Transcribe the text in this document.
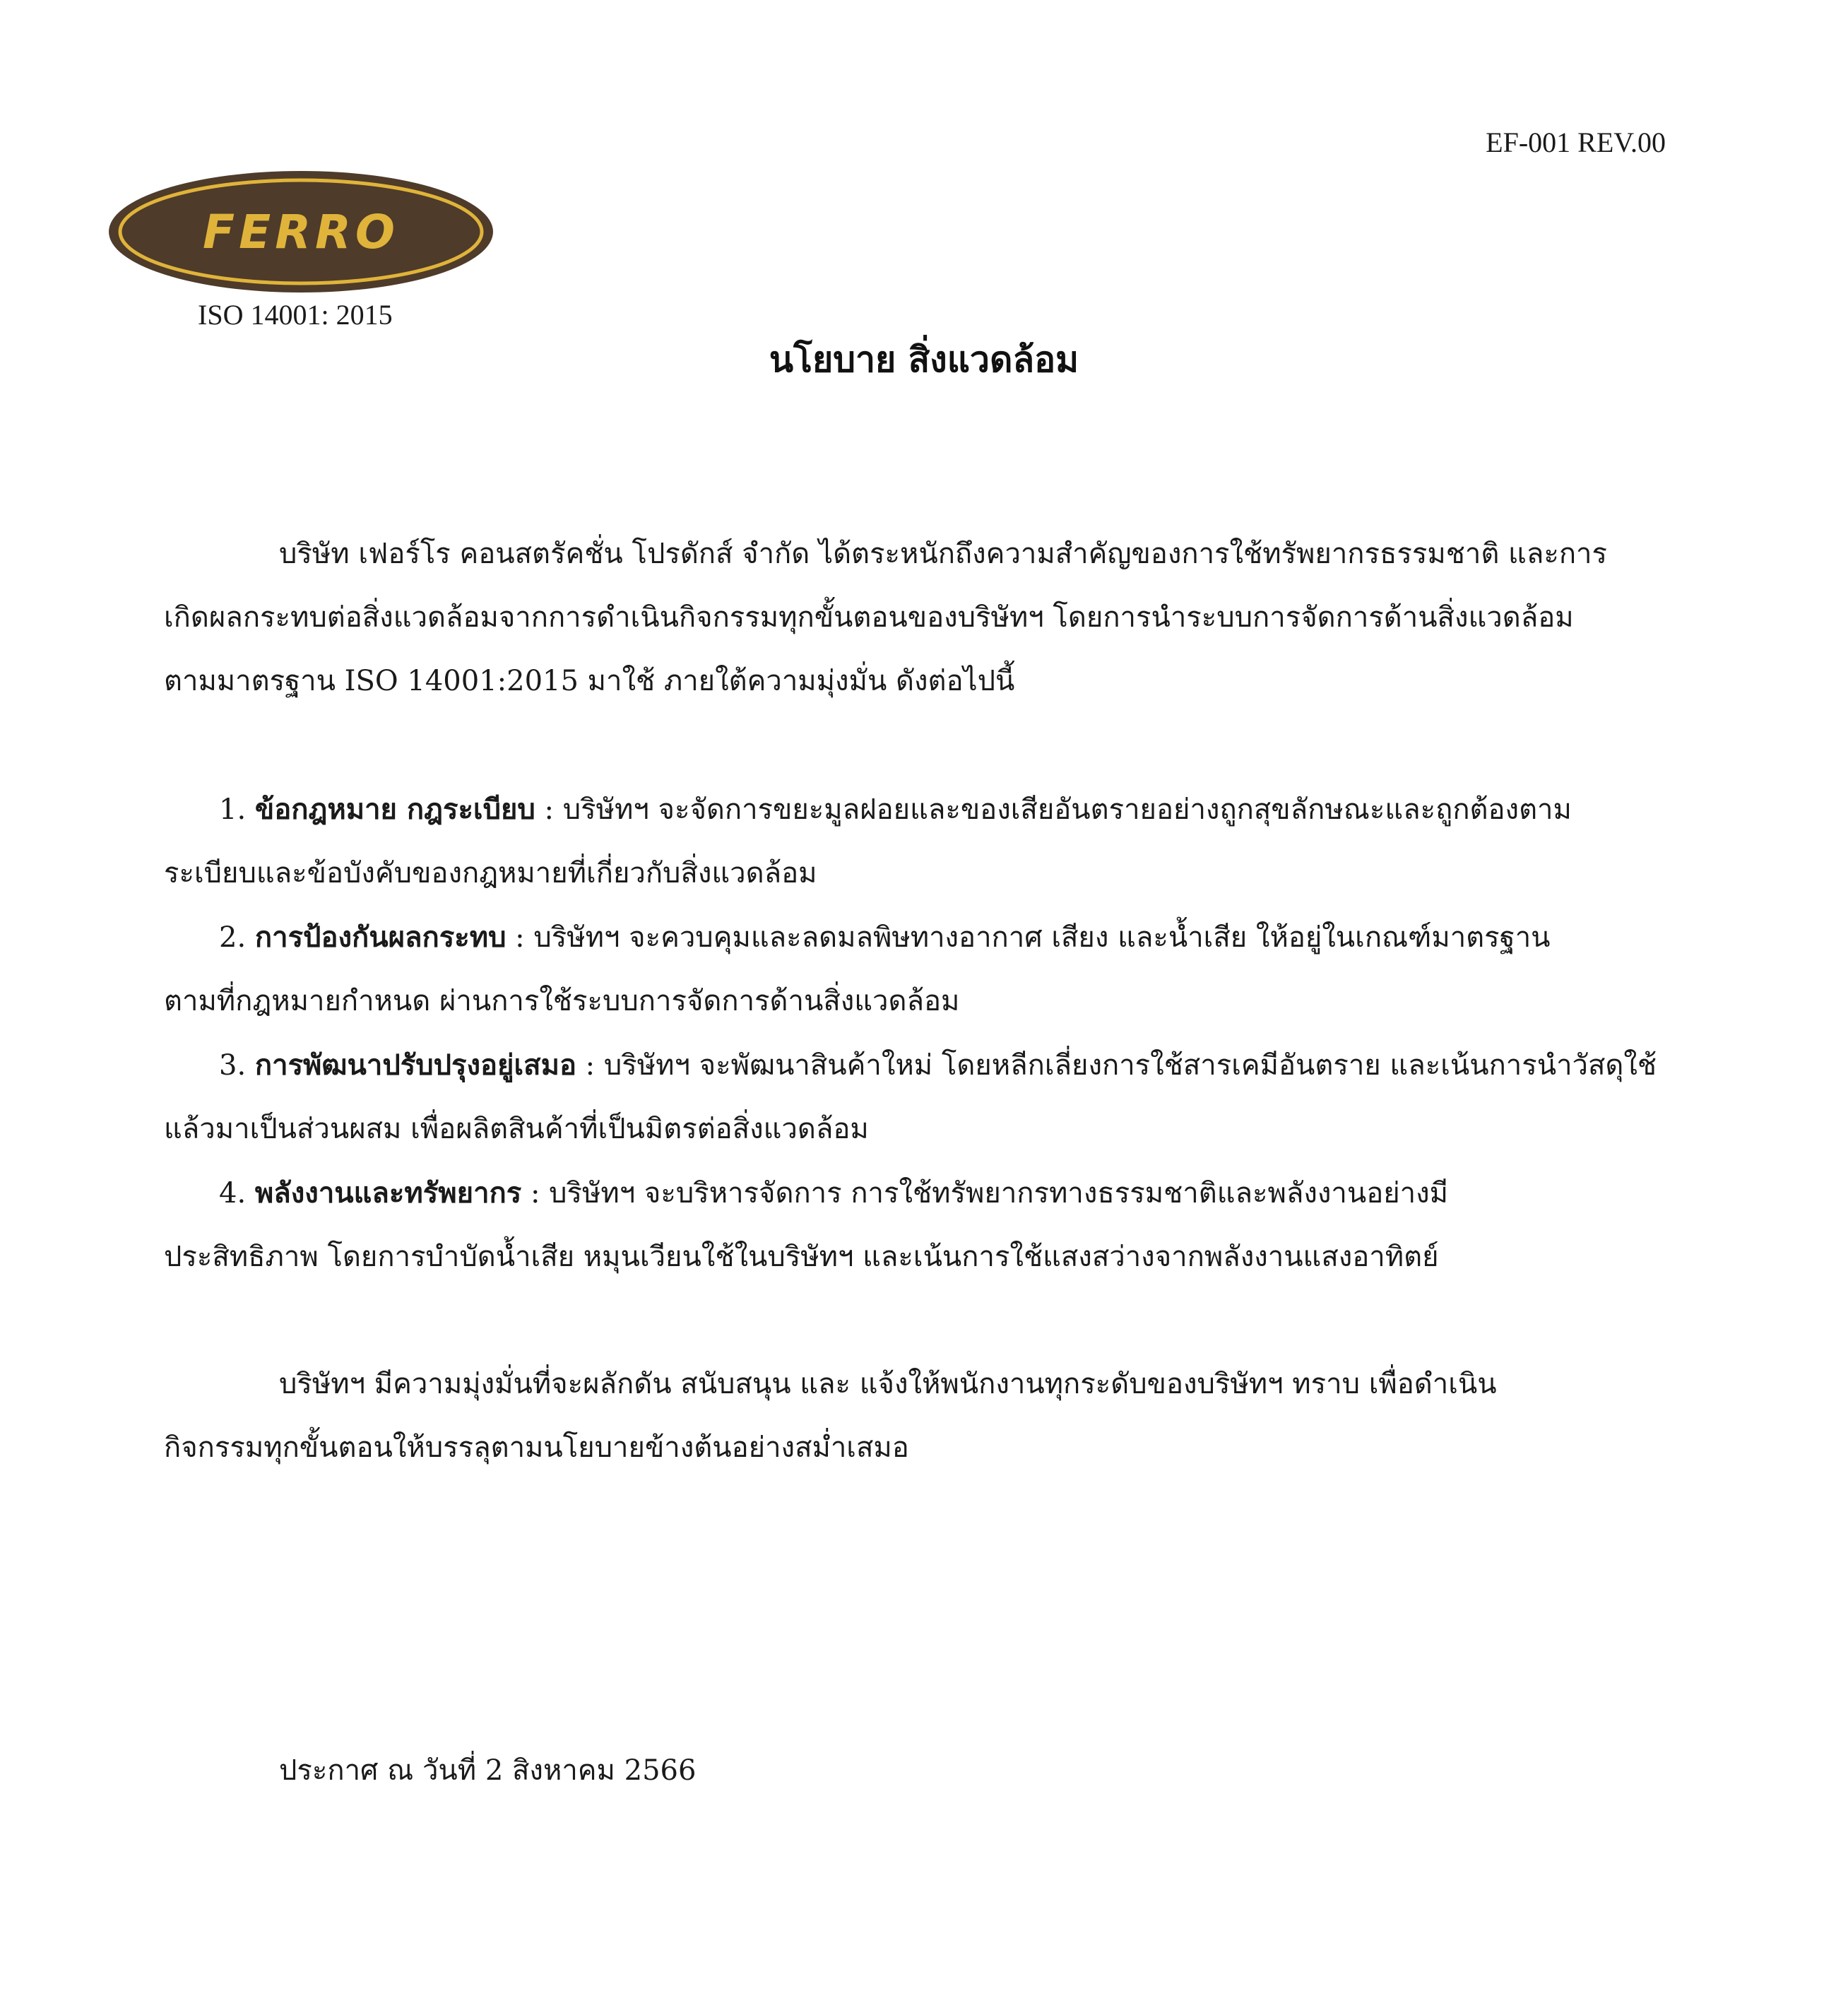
EF-001 REV.00
FERRO
ISO 14001: 2015
นโยบาย สิ่งแวดล้อม
บริษัท เฟอร์โร คอนสตรัคชั่น โปรดักส์ จำกัด ได้ตระหนักถึงความสำคัญของการใช้ทรัพยากรธรรมชาติ และการ
เกิดผลกระทบต่อสิ่งแวดล้อมจากการดำเนินกิจกรรมทุกขั้นตอนของบริษัทฯ โดยการนำระบบการจัดการด้านสิ่งแวดล้อม
ตามมาตรฐาน ISO 14001:2015 มาใช้ ภายใต้ความมุ่งมั่น ดังต่อไปนี้
1. ข้อกฎหมาย กฎระเบียบ : บริษัทฯ จะจัดการขยะมูลฝอยและของเสียอันตรายอย่างถูกสุขลักษณะและถูกต้องตาม
ระเบียบและข้อบังคับของกฎหมายที่เกี่ยวกับสิ่งแวดล้อม
2. การป้องกันผลกระทบ : บริษัทฯ จะควบคุมและลดมลพิษทางอากาศ เสียง และน้ำเสีย ให้อยู่ในเกณฑ์มาตรฐาน
ตามที่กฎหมายกำหนด ผ่านการใช้ระบบการจัดการด้านสิ่งแวดล้อม
3. การพัฒนาปรับปรุงอยู่เสมอ : บริษัทฯ จะพัฒนาสินค้าใหม่ โดยหลีกเลี่ยงการใช้สารเคมีอันตราย และเน้นการนำวัสดุใช้
แล้วมาเป็นส่วนผสม เพื่อผลิตสินค้าที่เป็นมิตรต่อสิ่งแวดล้อม
4. พลังงานและทรัพยากร : บริษัทฯ จะบริหารจัดการ การใช้ทรัพยากรทางธรรมชาติและพลังงานอย่างมี
ประสิทธิภาพ โดยการบำบัดน้ำเสีย หมุนเวียนใช้ในบริษัทฯ และเน้นการใช้แสงสว่างจากพลังงานแสงอาทิตย์
บริษัทฯ มีความมุ่งมั่นที่จะผลักดัน สนับสนุน และ แจ้งให้พนักงานทุกระดับของบริษัทฯ ทราบ เพื่อดำเนิน
กิจกรรมทุกขั้นตอนให้บรรลุตามนโยบายข้างต้นอย่างสม่ำเสมอ
ประกาศ ณ วันที่ 2 สิงหาคม 2566
